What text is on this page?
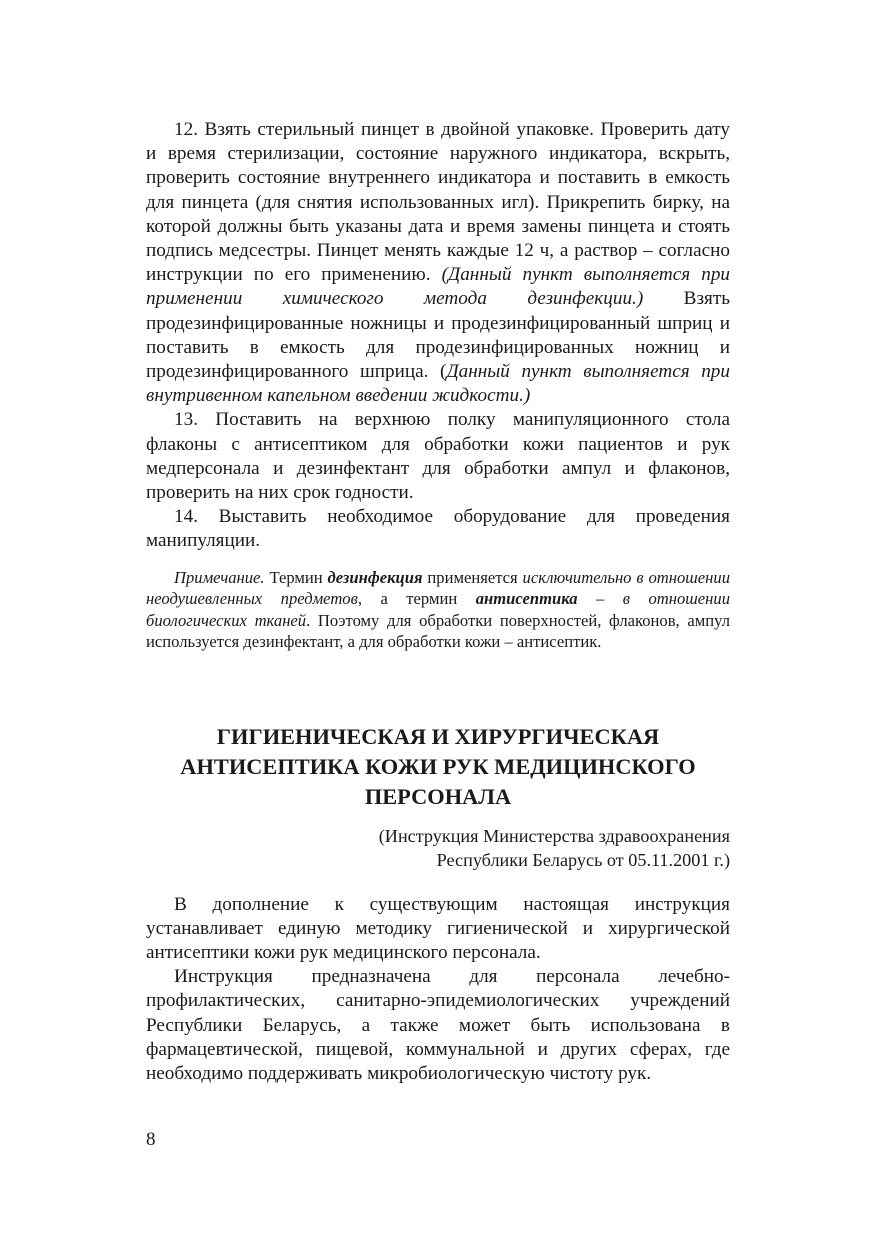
12. Взять стерильный пинцет в двойной упаковке. Проверить дату и время стерилизации, состояние наружного индикатора, вскрыть, проверить состояние внутреннего индикатора и поставить в емкость для пинцета (для снятия использованных игл). Прикрепить бирку, на которой должны быть указаны дата и время замены пинцета и стоять подпись медсестры. Пинцет менять каждые 12 ч, а раствор – согласно инструкции по его применению. (Данный пункт выполняется при применении химического метода дезинфекции.) Взять продезинфицированные ножницы и продезинфицированный шприц и поставить в емкость для продезинфицированных ножниц и продезинфицированного шприца. (Данный пункт выполняется при внутривенном капельном введении жидкости.)

13. Поставить на верхнюю полку манипуляционного стола флаконы с антисептиком для обработки кожи пациентов и рук медперсонала и дезинфектант для обработки ампул и флаконов, проверить на них срок годности.

14. Выставить необходимое оборудование для проведения манипуляции.

Примечание. Термин дезинфекция применяется исключительно в отношении неодушевленных предметов, а термин антисептика – в отношении биологических тканей. Поэтому для обработки поверхностей, флаконов, ампул используется дезинфектант, а для обработки кожи – антисептик.
ГИГИЕНИЧЕСКАЯ И ХИРУРГИЧЕСКАЯ АНТИСЕПТИКА КОЖИ РУК МЕДИЦИНСКОГО ПЕРСОНАЛА
(Инструкция Министерства здравоохранения
Республики Беларусь от 05.11.2001 г.)

В дополнение к существующим настоящая инструкция устанавливает единую методику гигиенической и хирургической антисептики кожи рук медицинского персонала.

Инструкция предназначена для персонала лечебно-профилактических, санитарно-эпидемиологических учреждений Республики Беларусь, а также может быть использована в фармацевтической, пищевой, коммунальной и других сферах, где необходимо поддерживать микробиологическую чистоту рук.

8
